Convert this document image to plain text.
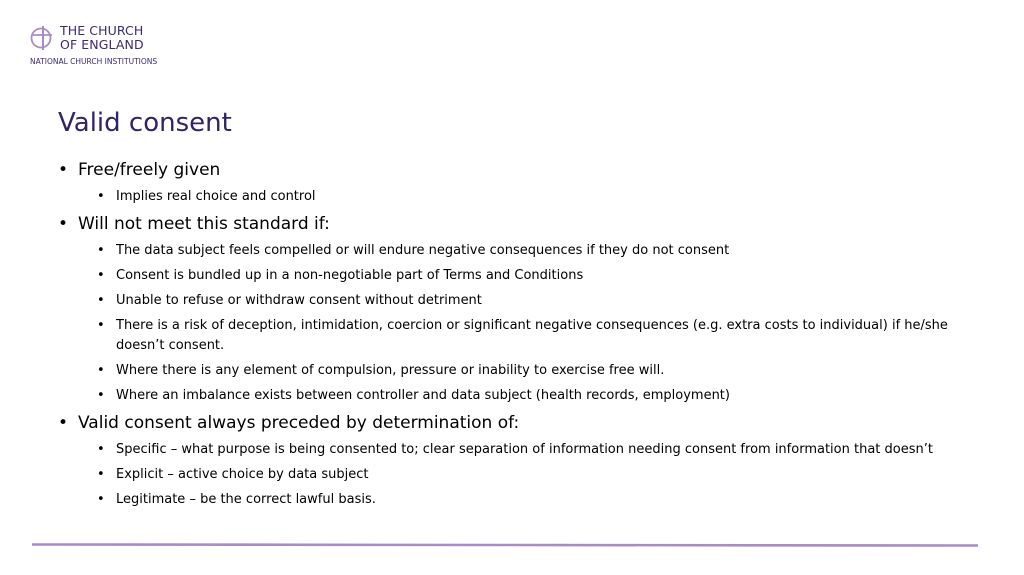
THE CHURCH
OF ENGLAND
NATIONAL CHURCH INSTITUTIONS
Valid consent
• Free/freely given
• Implies real choice and control
• Will not meet this standard if:
• The data subject feels compelled or will endure negative consequences if they do not consent
• Consent is bundled up in a non-negotiable part of Terms and Conditions
• Unable to refuse or withdraw consent without detriment
• There is a risk of deception, intimidation, coercion or significant negative consequences (e.g. extra costs to individual) if he/she doesn’t consent.
• Where there is any element of compulsion, pressure or inability to exercise free will.
• Where an imbalance exists between controller and data subject (health records, employment)
• Valid consent always preceded by determination of:
• Specific – what purpose is being consented to; clear separation of information needing consent from information that doesn’t
• Explicit – active choice by data subject
• Legitimate – be the correct lawful basis.
